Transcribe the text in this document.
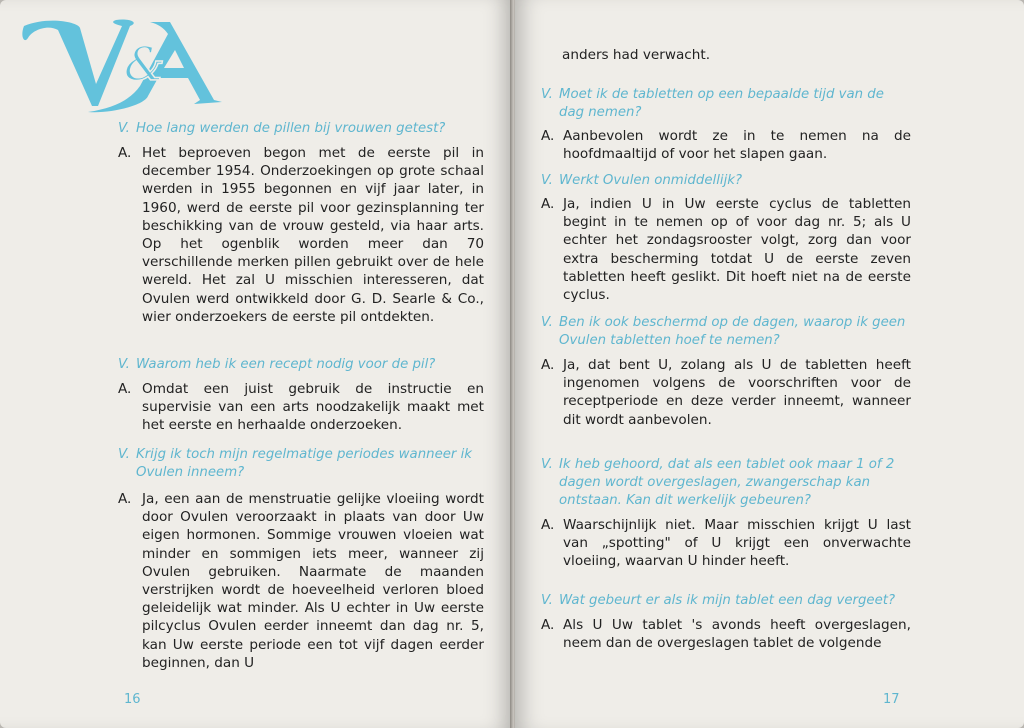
&
V. Hoe lang werden de pillen bij vrouwen getest?

A. Het beproeven begon met de eerste pil in december 1954. Onderzoekingen op grote schaal werden in 1955 begonnen en vijf jaar later, in 1960, werd de eerste pil voor gezinsplanning ter beschikking van de vrouw gesteld, via haar arts. Op het ogenblik worden meer dan 70 verschillende merken pillen gebruikt over de hele wereld. Het zal U misschien interesseren, dat Ovulen werd ontwikkeld door G. D. Searle & Co., wier onderzoekers de eerste pil ontdekten.

V. Waarom heb ik een recept nodig voor de pil?

A. Omdat een juist gebruik de instructie en supervisie van een arts noodzakelijk maakt met het eerste en herhaalde onderzoeken.

V. Krijg ik toch mijn regelmatige periodes wanneer ik Ovulen inneem?

A. Ja, een aan de menstruatie gelijke vloeiing wordt door Ovulen veroorzaakt in plaats van door Uw eigen hormonen. Sommige vrouwen vloeien wat minder en sommigen iets meer, wanneer zij Ovulen gebruiken. Naarmate de maanden verstrijken wordt de hoeveelheid verloren bloed geleidelijk wat minder. Als U echter in Uw eerste pilcyclus Ovulen eerder inneemt dan dag nr. 5, kan Uw eerste periode een tot vijf dagen eerder beginnen, dan U

16

anders had verwacht.

V. Moet ik de tabletten op een bepaalde tijd van de dag nemen?

A. Aanbevolen wordt ze in te nemen na de hoofdmaaltijd of voor het slapen gaan.

V. Werkt Ovulen onmiddellijk?

A. Ja, indien U in Uw eerste cyclus de tabletten begint in te nemen op of voor dag nr. 5; als U echter het zondagsrooster volgt, zorg dan voor extra bescherming totdat U de eerste zeven tabletten heeft geslikt. Dit hoeft niet na de eerste cyclus.

V. Ben ik ook beschermd op de dagen, waarop ik geen Ovulen tabletten hoef te nemen?

A. Ja, dat bent U, zolang als U de tabletten heeft ingenomen volgens de voorschriften voor de receptperiode en deze verder inneemt, wanneer dit wordt aanbevolen.

V. Ik heb gehoord, dat als een tablet ook maar 1 of 2 dagen wordt overgeslagen, zwangerschap kan ontstaan. Kan dit werkelijk gebeuren?

A. Waarschijnlijk niet. Maar misschien krijgt U last van „spotting" of U krijgt een onverwachte vloeiing, waarvan U hinder heeft.

V. Wat gebeurt er als ik mijn tablet een dag vergeet?

A. Als U Uw tablet 's avonds heeft overgeslagen, neem dan de overgeslagen tablet de volgende

17
